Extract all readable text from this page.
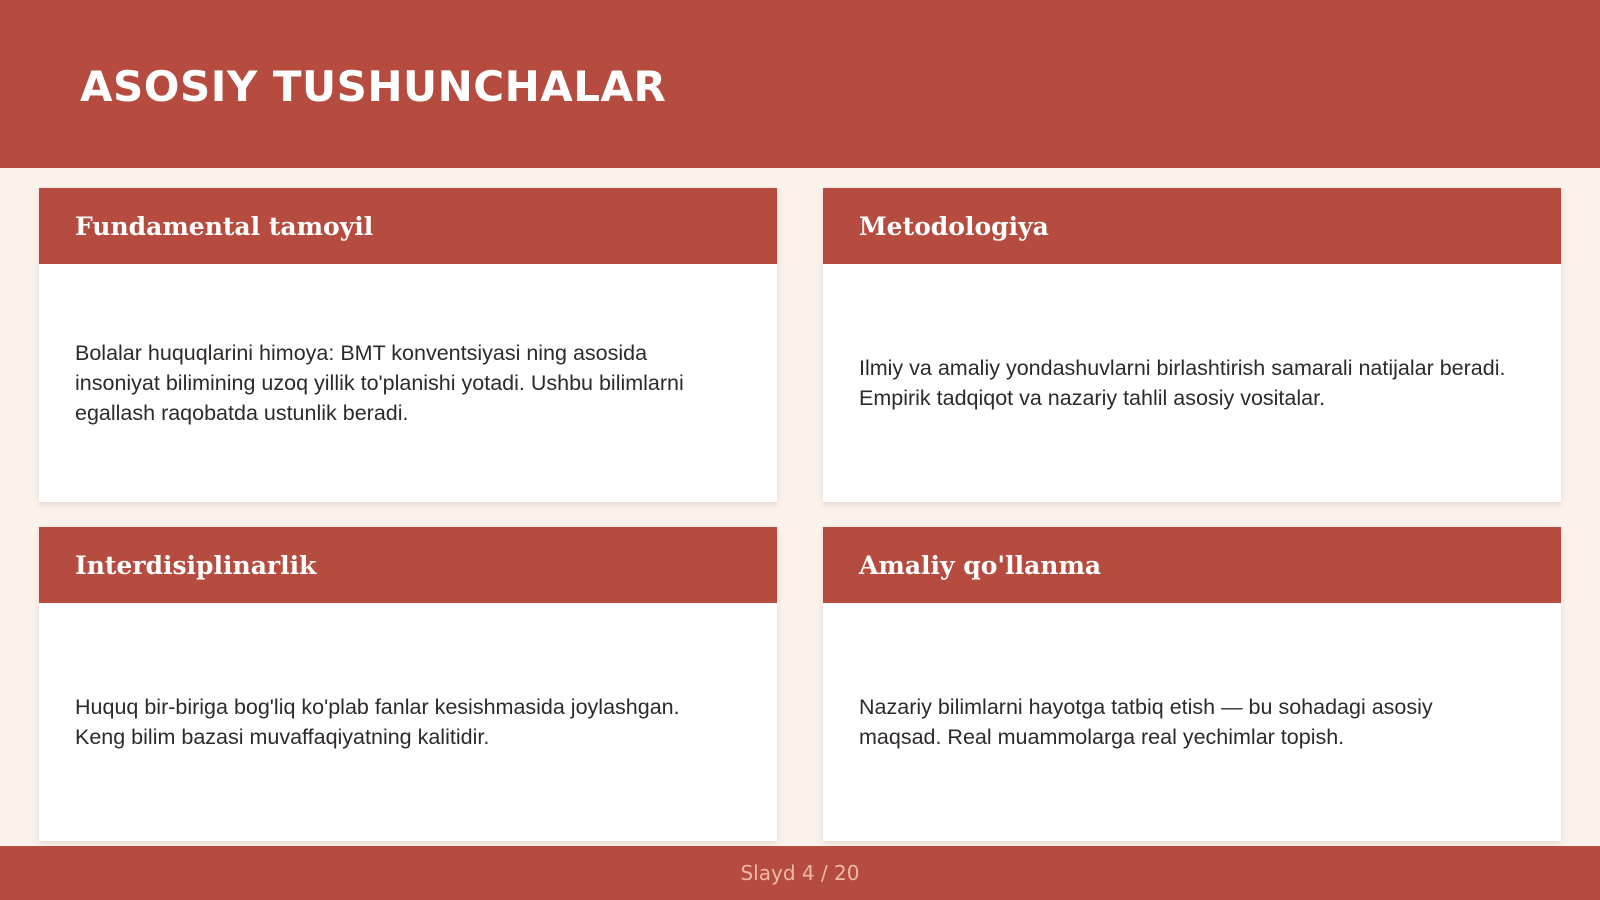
ASOSIY TUSHUNCHALAR
Fundamental tamoyil
Bolalar huquqlarini himoya: BMT konventsiyasi ning asosida insoniyat bilimining uzoq yillik to'planishi yotadi. Ushbu bilimlarni egallash raqobatda ustunlik beradi.
Metodologiya
Ilmiy va amaliy yondashuvlarni birlashtirish samarali natijalar beradi. Empirik tadqiqot va nazariy tahlil asosiy vositalar.
Interdisiplinarlik
Huquq bir-biriga bog'liq ko'plab fanlar kesishmasida joylashgan. Keng bilim bazasi muvaffaqiyatning kalitidir.
Amaliy qo'llanma
Nazariy bilimlarni hayotga tatbiq etish — bu sohadagi asosiy maqsad. Real muammolarga real yechimlar topish.
Slayd 4 / 20
